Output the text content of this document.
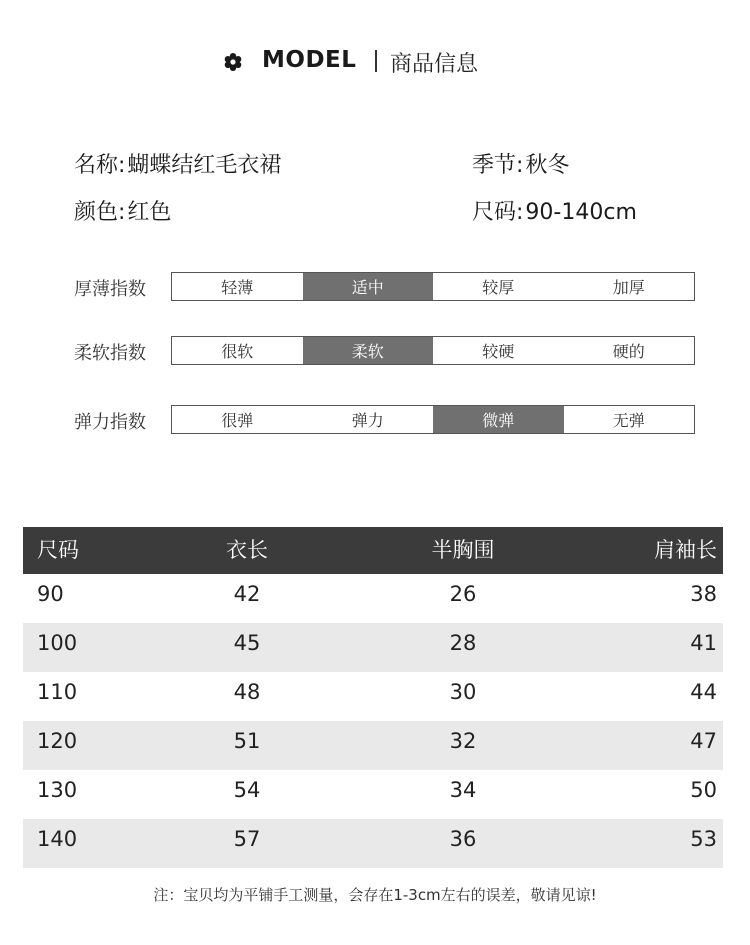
MODEL 商品信息
名称:蝴蝶结红毛衣裙	季节:秋冬
颜色:红色	尺码:90-140cm
厚薄指数	轻薄	适中	较厚	加厚
柔软指数	很软	柔软	较硬	硬的
弹力指数	很弹	弹力	微弹	无弹
尺码	衣长	半胸围	肩袖长
90	42	26	38
100	45	28	41
110	48	30	44
120	51	32	47
130	54	34	50
140	57	36	53
注：宝贝均为平铺手工测量，会存在1-3cm左右的误差，敬请见谅!
